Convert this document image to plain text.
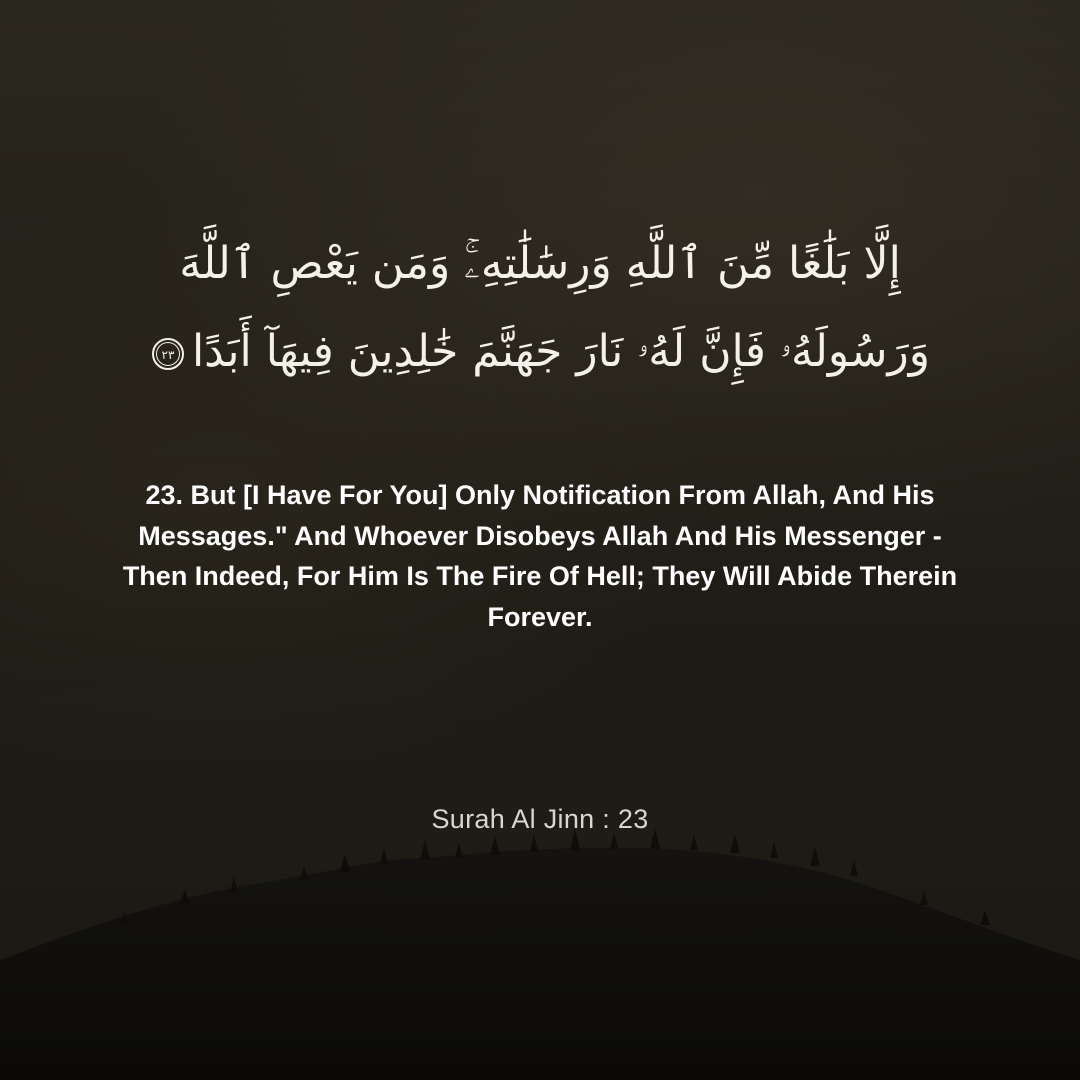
إِلَّا بَلَٰغًا مِّنَ ٱللَّهِ وَرِسَٰلَٰتِهِۦۚ وَمَن يَعْصِ ٱللَّهَ
وَرَسُولَهُۥ فَإِنَّ لَهُۥ نَارَ جَهَنَّمَ خَٰلِدِينَ فِيهَآ أَبَدًا
٢٣
23. But [I Have For You] Only Notification From Allah, And His Messages." And Whoever Disobeys Allah And His Messenger - Then Indeed, For Him Is The Fire Of Hell; They Will Abide Therein Forever.
Surah Al Jinn : 23
